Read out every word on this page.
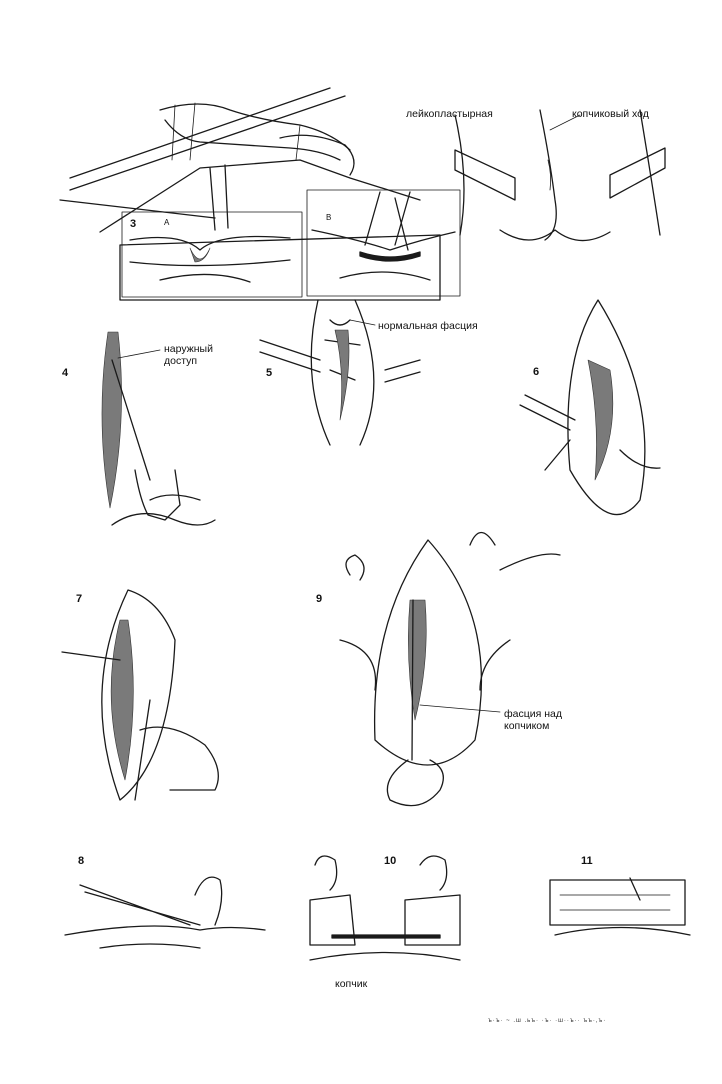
лейкопластырная	копчиковый ход
наружный
доступ
нормальная фасция
фасция над
копчиком
копчик
3
4	5	6
7	9
8	10	11
А
В
ъ·ъ· ~ .ш .ьъ· ·ъ· ·ш··ъ·· ъъ·,ъ·
